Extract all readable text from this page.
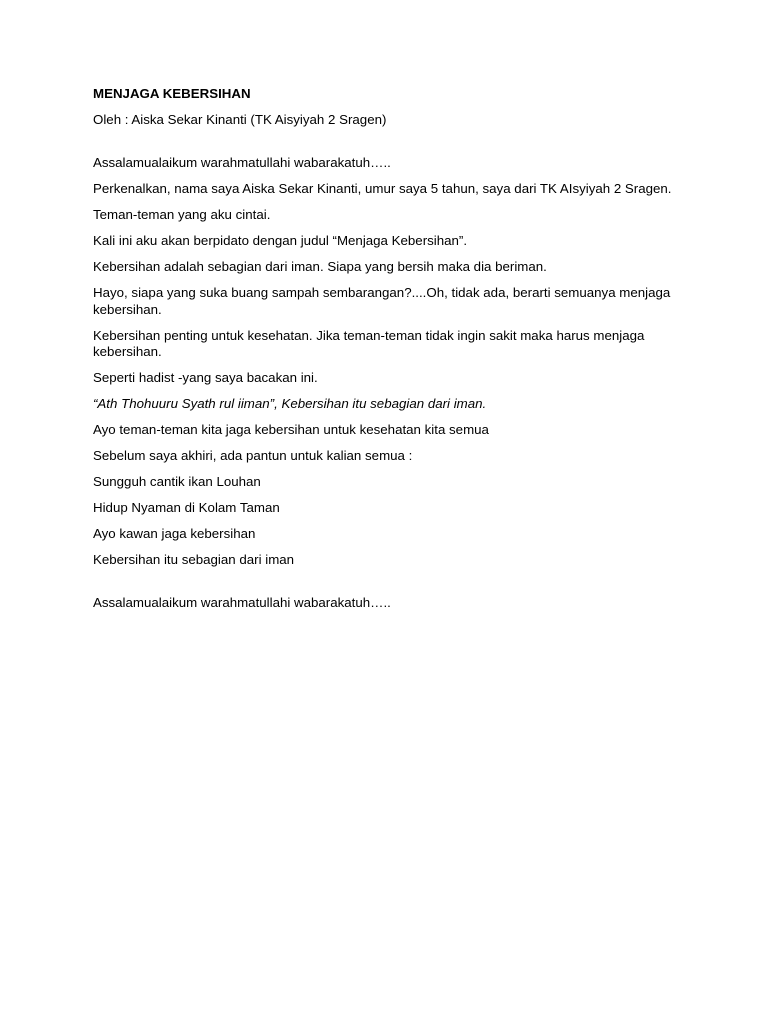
MENJAGA KEBERSIHAN

Oleh : Aiska Sekar Kinanti (TK Aisyiyah 2 Sragen)

Assalamualaikum warahmatullahi wabarakatuh…..

Perkenalkan, nama saya Aiska Sekar Kinanti, umur saya 5 tahun, saya dari TK AIsyiyah 2 Sragen.

Teman-teman yang aku cintai.

Kali ini aku akan berpidato dengan judul “Menjaga Kebersihan”.

Kebersihan adalah sebagian dari iman. Siapa yang bersih maka dia beriman.

Hayo, siapa yang suka buang sampah sembarangan?....Oh, tidak ada, berarti semuanya menjaga kebersihan.

Kebersihan penting untuk kesehatan. Jika teman-teman tidak ingin sakit maka harus menjaga kebersihan.

Seperti hadist -yang saya bacakan ini.

“Ath Thohuuru Syath rul iiman”, Kebersihan itu sebagian dari iman.

Ayo teman-teman kita jaga kebersihan untuk kesehatan kita semua

Sebelum saya akhiri, ada pantun untuk kalian semua :

Sungguh cantik ikan Louhan

Hidup Nyaman di Kolam Taman

Ayo kawan jaga kebersihan

Kebersihan itu sebagian dari iman

Assalamualaikum warahmatullahi wabarakatuh…..
